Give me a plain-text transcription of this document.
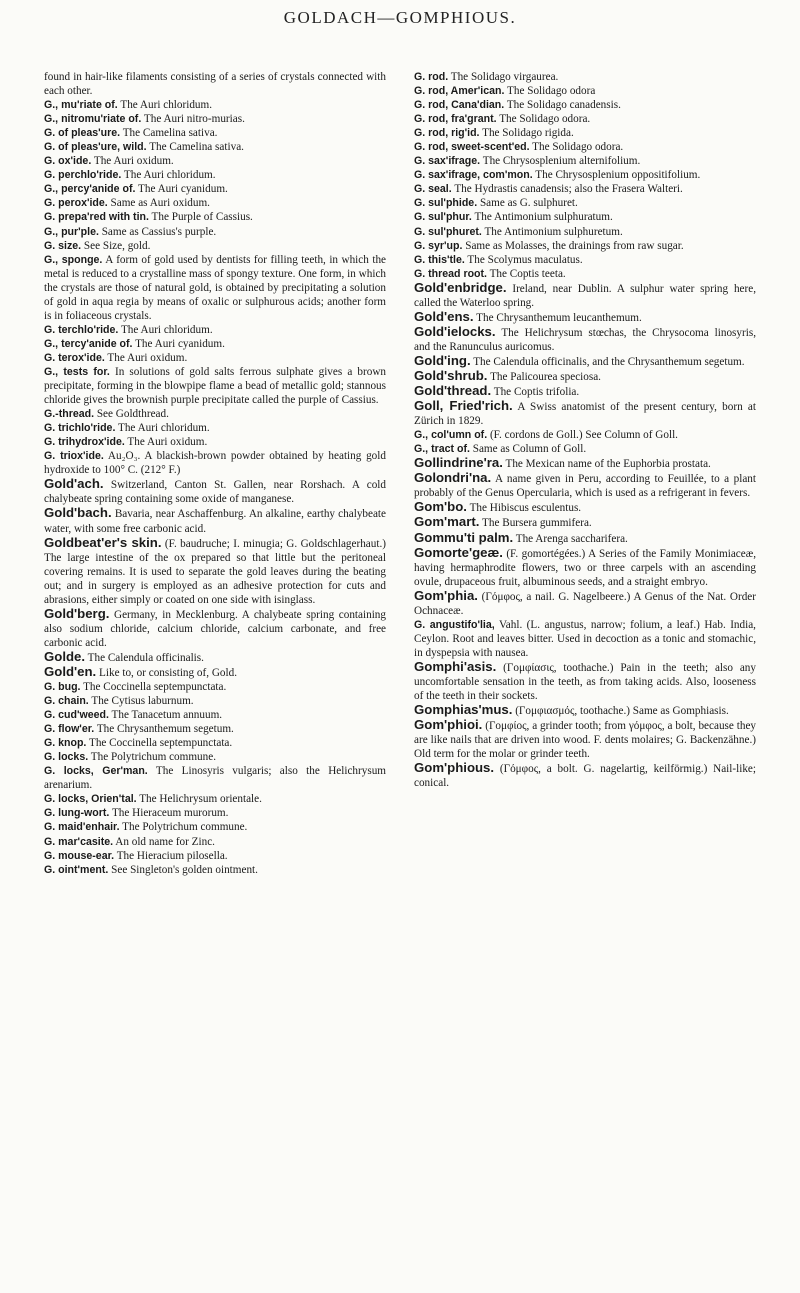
GOLDACH—GOMPHIOUS.

found in hair-like filaments consisting of a series of crystals connected with each other.

G., mu'riate of. The Auri chloridum.

G., nitromu'riate of. The Auri nitro-murias.

G. of pleas'ure. The Camelina sativa.

G. of pleas'ure, wild. The Camelina sativa.

G. ox'ide. The Auri oxidum.

G. perchlo'ride. The Auri chloridum.

G., percy'anide of. The Auri cyanidum.

G. perox'ide. Same as Auri oxidum.

G. prepa'red with tin. The Purple of Cassius.

G., pur'ple. Same as Cassius's purple.

G. size. See Size, gold.

G., sponge. A form of gold used by dentists for filling teeth, in which the metal is reduced to a crystalline mass of spongy texture. One form, in which the crystals are those of natural gold, is obtained by precipitating a solution of gold in aqua regia by means of oxalic or sulphurous acids; another form is in foliaceous crystals.

G. terchlo'ride. The Auri chloridum.

G., tercy'anide of. The Auri cyanidum.

G. terox'ide. The Auri oxidum.

G., tests for. In solutions of gold salts ferrous sulphate gives a brown precipitate, forming in the blowpipe flame a bead of metallic gold; stannous chloride gives the brownish purple precipitate called the purple of Cassius.

G.-thread. See Goldthread.

G. trichlo'ride. The Auri chloridum.

G. trihydrox'ide. The Auri oxidum.

G. triox'ide. Au₂O₃. A blackish-brown powder obtained by heating gold hydroxide to 100° C. (212° F.)

Gold'ach. Switzerland, Canton St. Gallen, near Rorshach. A cold chalybeate spring containing some oxide of manganese.

Gold'bach. Bavaria, near Aschaffenburg. An alkaline, earthy chalybeate water, with some free carbonic acid.

Goldbeat'er's skin. (F. baudruche; I. minugia; G. Goldschlagerhaut.) The large intestine of the ox prepared so that little but the peritoneal covering remains. It is used to separate the gold leaves during the beating out; and in surgery is employed as an adhesive protection for cuts and abrasions, either simply or coated on one side with isinglass.

Gold'berg. Germany, in Mecklenburg. A chalybeate spring containing also sodium chloride, calcium chloride, calcium carbonate, and free carbonic acid.

Golde. The Calendula officinalis.

Gold'en. Like to, or consisting of, Gold.

G. bug. The Coccinella septempunctata.

G. chain. The Cytisus laburnum.

G. cud'weed. The Tanacetum annuum.

G. flow'er. The Chrysanthemum segetum.

G. knop. The Coccinella septempunctata.

G. locks. The Polytrichum commune.

G. locks, Ger'man. The Linosyris vulgaris; also the Helichrysum arenarium.

G. locks, Orien'tal. The Helichrysum orientale.

G. lung-wort. The Hieraceum murorum.

G. maid'enhair. The Polytrichum commune.

G. mar'casite. An old name for Zinc.

G. mouse-ear. The Hieracium pilosella.

G. oint'ment. See Singleton's golden ointment.

G. rod. The Solidago virgaurea.

G. rod, Amer'ican. The Solidago odora

G. rod, Cana'dian. The Solidago canadensis.

G. rod, fra'grant. The Solidago odora.

G. rod, rig'id. The Solidago rigida.

G. rod, sweet-scent'ed. The Solidago odora.

G. sax'ifrage. The Chrysosplenium alternifolium.

G. sax'ifrage, com'mon. The Chrysosplenium oppositifolium.

G. seal. The Hydrastis canadensis; also the Frasera Walteri.

G. sul'phide. Same as G. sulphuret.

G. sul'phur. The Antimonium sulphuratum.

G. sul'phuret. The Antimonium sulphuretum.

G. syr'up. Same as Molasses, the drainings from raw sugar.

G. this'tle. The Scolymus maculatus.

G. thread root. The Coptis teeta.

Gold'enbridge. Ireland, near Dublin. A sulphur water spring here, called the Waterloo spring.

Gold'ens. The Chrysanthemum leucanthemum.

Gold'ielocks. The Helichrysum stœchas, the Chrysocoma linosyris, and the Ranunculus auricomus.

Gold'ing. The Calendula officinalis, and the Chrysanthemum segetum.

Gold'shrub. The Palicourea speciosa.

Gold'thread. The Coptis trifolia.

Goll, Fried'rich. A Swiss anatomist of the present century, born at Zürich in 1829.

G., col'umn of. (F. cordons de Goll.) See Column of Goll.

G., tract of. Same as Column of Goll.

Gollindrine'ra. The Mexican name of the Euphorbia prostata.

Golondri'na. A name given in Peru, according to Feuillée, to a plant probably of the Genus Opercularia, which is used as a refrigerant in fevers.

Gom'bo. The Hibiscus esculentus.

Gom'mart. The Bursera gummifera.

Gommu'ti palm. The Arenga saccharifera.

Gomorte'geæ. (F. gomortégées.) A Series of the Family Monimiaceæ, having hermaphrodite flowers, two or three carpels with an ascending ovule, drupaceous fruit, albuminous seeds, and a straight embryo.

Gom'phia. (Γόμφος, a nail. G. Nagelbeere.) A Genus of the Nat. Order Ochnaceæ.

G. angustifo'lia, Vahl. (L. angustus, narrow; folium, a leaf.) Hab. India, Ceylon. Root and leaves bitter. Used in decoction as a tonic and stomachic, in dyspepsia with nausea.

Gomphi'asis. (Γομφίασις, toothache.) Pain in the teeth; also any uncomfortable sensation in the teeth, as from taking acids. Also, looseness of the teeth in their sockets.

Gomphias'mus. (Γομφιασμός, toothache.) Same as Gomphiasis.

Gom'phioi. (Γομφίος, a grinder tooth; from γόμφος, a bolt, because they are like nails that are driven into wood. F. dents molaires; G. Backenzähne.) Old term for the molar or grinder teeth.

Gom'phious. (Γόμφος, a bolt. G. nagelartig, keilförmig.) Nail-like; conical.
